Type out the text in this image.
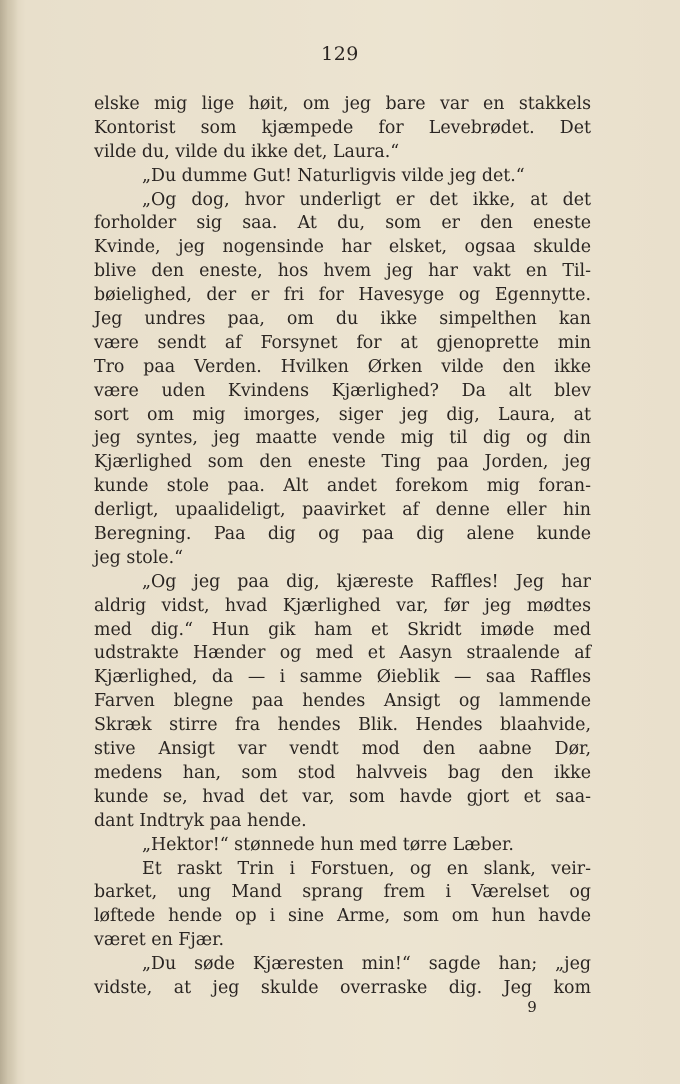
129
elske mig lige høit, om jeg bare var en stakkels
Kontorist som kjæmpede for Levebrødet. Det
vilde du, vilde du ikke det, Laura.“
„Du dumme Gut! Naturligvis vilde jeg det.“
„Og dog, hvor underligt er det ikke, at det
forholder sig saa. At du, som er den eneste
Kvinde, jeg nogensinde har elsket, ogsaa skulde
blive den eneste, hos hvem jeg har vakt en Til-
bøielighed, der er fri for Havesyge og Egennytte.
Jeg undres paa, om du ikke simpelthen kan
være sendt af Forsynet for at gjenoprette min
Tro paa Verden. Hvilken Ørken vilde den ikke
være uden Kvindens Kjærlighed? Da alt blev
sort om mig imorges, siger jeg dig, Laura, at
jeg syntes, jeg maatte vende mig til dig og din
Kjærlighed som den eneste Ting paa Jorden, jeg
kunde stole paa. Alt andet forekom mig foran-
derligt, upaalideligt, paavirket af denne eller hin
Beregning. Paa dig og paa dig alene kunde
jeg stole.“
„Og jeg paa dig, kjæreste Raffles! Jeg har
aldrig vidst, hvad Kjærlighed var, før jeg mødtes
med dig.“ Hun gik ham et Skridt imøde med
udstrakte Hænder og med et Aasyn straalende af
Kjærlighed, da — i samme Øieblik — saa Raffles
Farven blegne paa hendes Ansigt og lammende
Skræk stirre fra hendes Blik. Hendes blaahvide,
stive Ansigt var vendt mod den aabne Dør,
medens han, som stod halvveis bag den ikke
kunde se, hvad det var, som havde gjort et saa-
dant Indtryk paa hende.
„Hektor!“ stønnede hun med tørre Læber.
Et raskt Trin i Forstuen, og en slank, veir-
barket, ung Mand sprang frem i Værelset og
løftede hende op i sine Arme, som om hun havde
været en Fjær.
„Du søde Kjæresten min!“ sagde han; „jeg
vidste, at jeg skulde overraske dig. Jeg kom
9
